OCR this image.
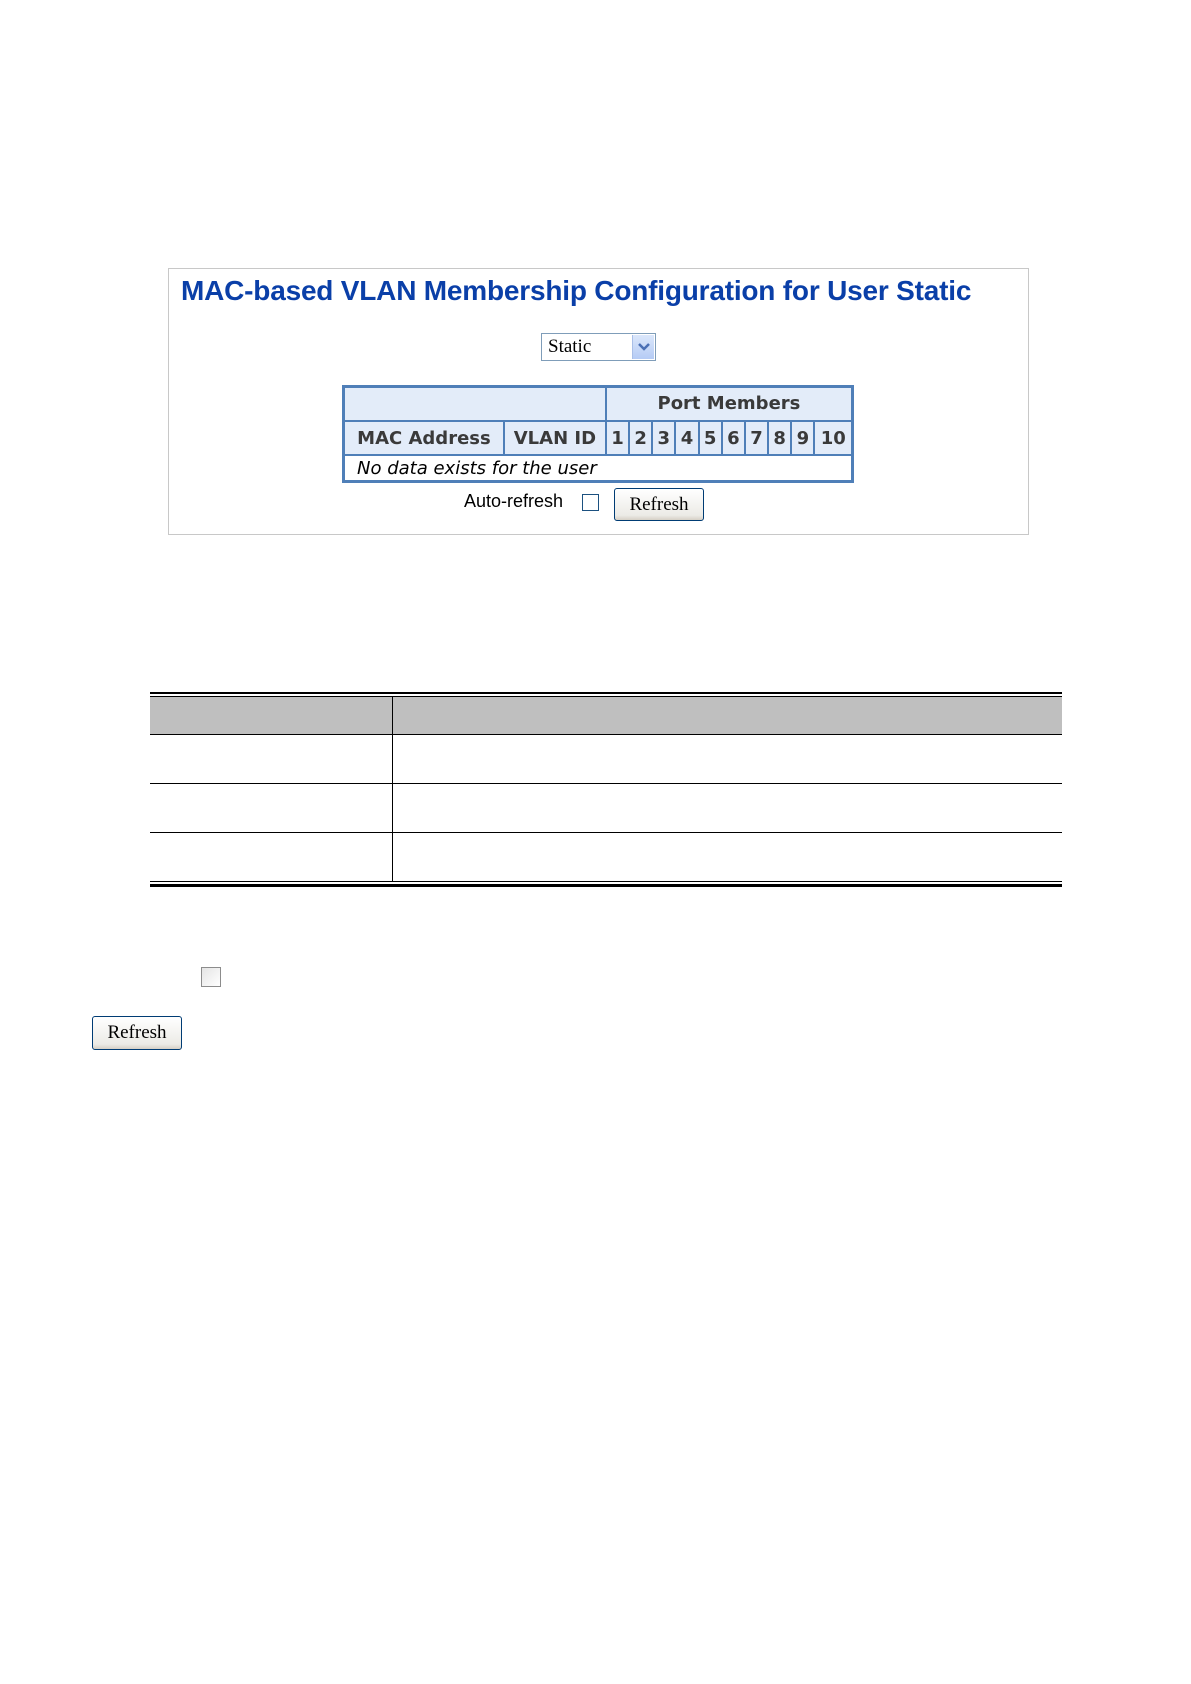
MAC-based VLAN Membership Configuration for User Static
Static
		Port Members									
MAC Address	VLAN ID	1	2	3	4	5	6	7	8	9	10
No data exists for the user											
Auto-refresh	Refresh
Refresh
